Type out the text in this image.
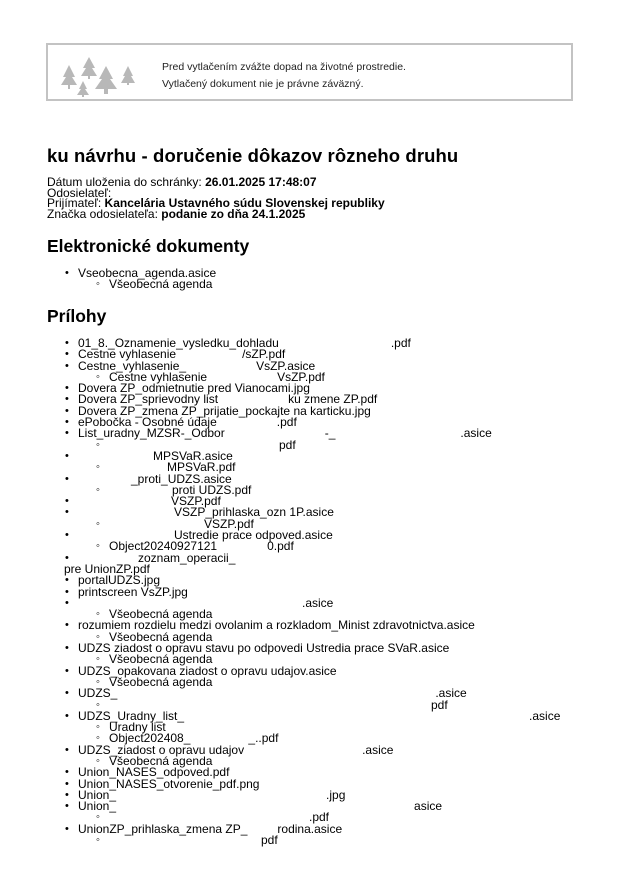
Pred vytlačením zvážte dopad na životné prostredie.
Vytlačený dokument nie je právne záväzný.
ku návrhu - doručenie dôkazov rôzneho druhu
Dátum uloženia do schránky: 26.01.2025 17:48:07
Odosielateľ:
Prijímateľ: Kancelária Ustavného súdu Slovenskej republiky
Značka odosielateľa: podanie zo dňa 24.1.2025
Elektronické dokumenty
• Vseobecna_agenda.asice
◦ Všeobecná agenda
Prílohy
• 01_8._Oznamenie_vysledku_dohladu	.pdf
• Cestne vyhlasenie	/sZP.pdf
• Cestne_vyhlasenie_	VsZP.asice
◦ Cestne vyhlasenie	VsZP.pdf
• Dovera ZP_odmietnutie pred Vianocami.jpg
• Dovera ZP_sprievodny list	ku zmene ZP.pdf
• Dovera ZP_zmena ZP_prijatie_pockajte na karticku.jpg
• ePobočka - Osobné údaje	.pdf
• List_uradny_MZSR-_Odbor	-_	.asice
◦ pdf
• MPSVaR.asice
◦ MPSVaR.pdf
• _proti_UDZS.asice
◦ proti UDZS.pdf
• VSZP.pdf
• VSZP_prihlaska_ozn 1P.asice
◦ VSZP.pdf
• Ustredie prace odpoved.asice
◦ Object20240927121	0.pdf
• zoznam_operacii_
pre UnionZP.pdf
• portalUDZS.jpg
• printscreen VsZP.jpg
• .asice
◦ Všeobecná agenda
• rozumiem rozdielu medzi ovolanim a rozkladom_Minist zdravotnictva.asice
◦ Všeobecná agenda
• UDZS ziadost o opravu stavu po odpovedi Ustredia prace SVaR.asice
◦ Všeobecná agenda
• UDZS_opakovana ziadost o opravu udajov.asice
◦ Všeobecná agenda
• UDZS_	.asice
◦ pdf
• UDZS_Uradny_list_	.asice
◦ Uradny list
◦ Object202408_	_..pdf
• UDZS_ziadost o opravu udajov	.asice
◦ Všeobecná agenda
• Union_NASES_odpoved.pdf
• Union_NASES_otvorenie_pdf.png
• Union_	.jpg
• Union_	asice
◦ .pdf
• UnionZP_prihlaska_zmena ZP_	rodina.asice
◦ pdf
